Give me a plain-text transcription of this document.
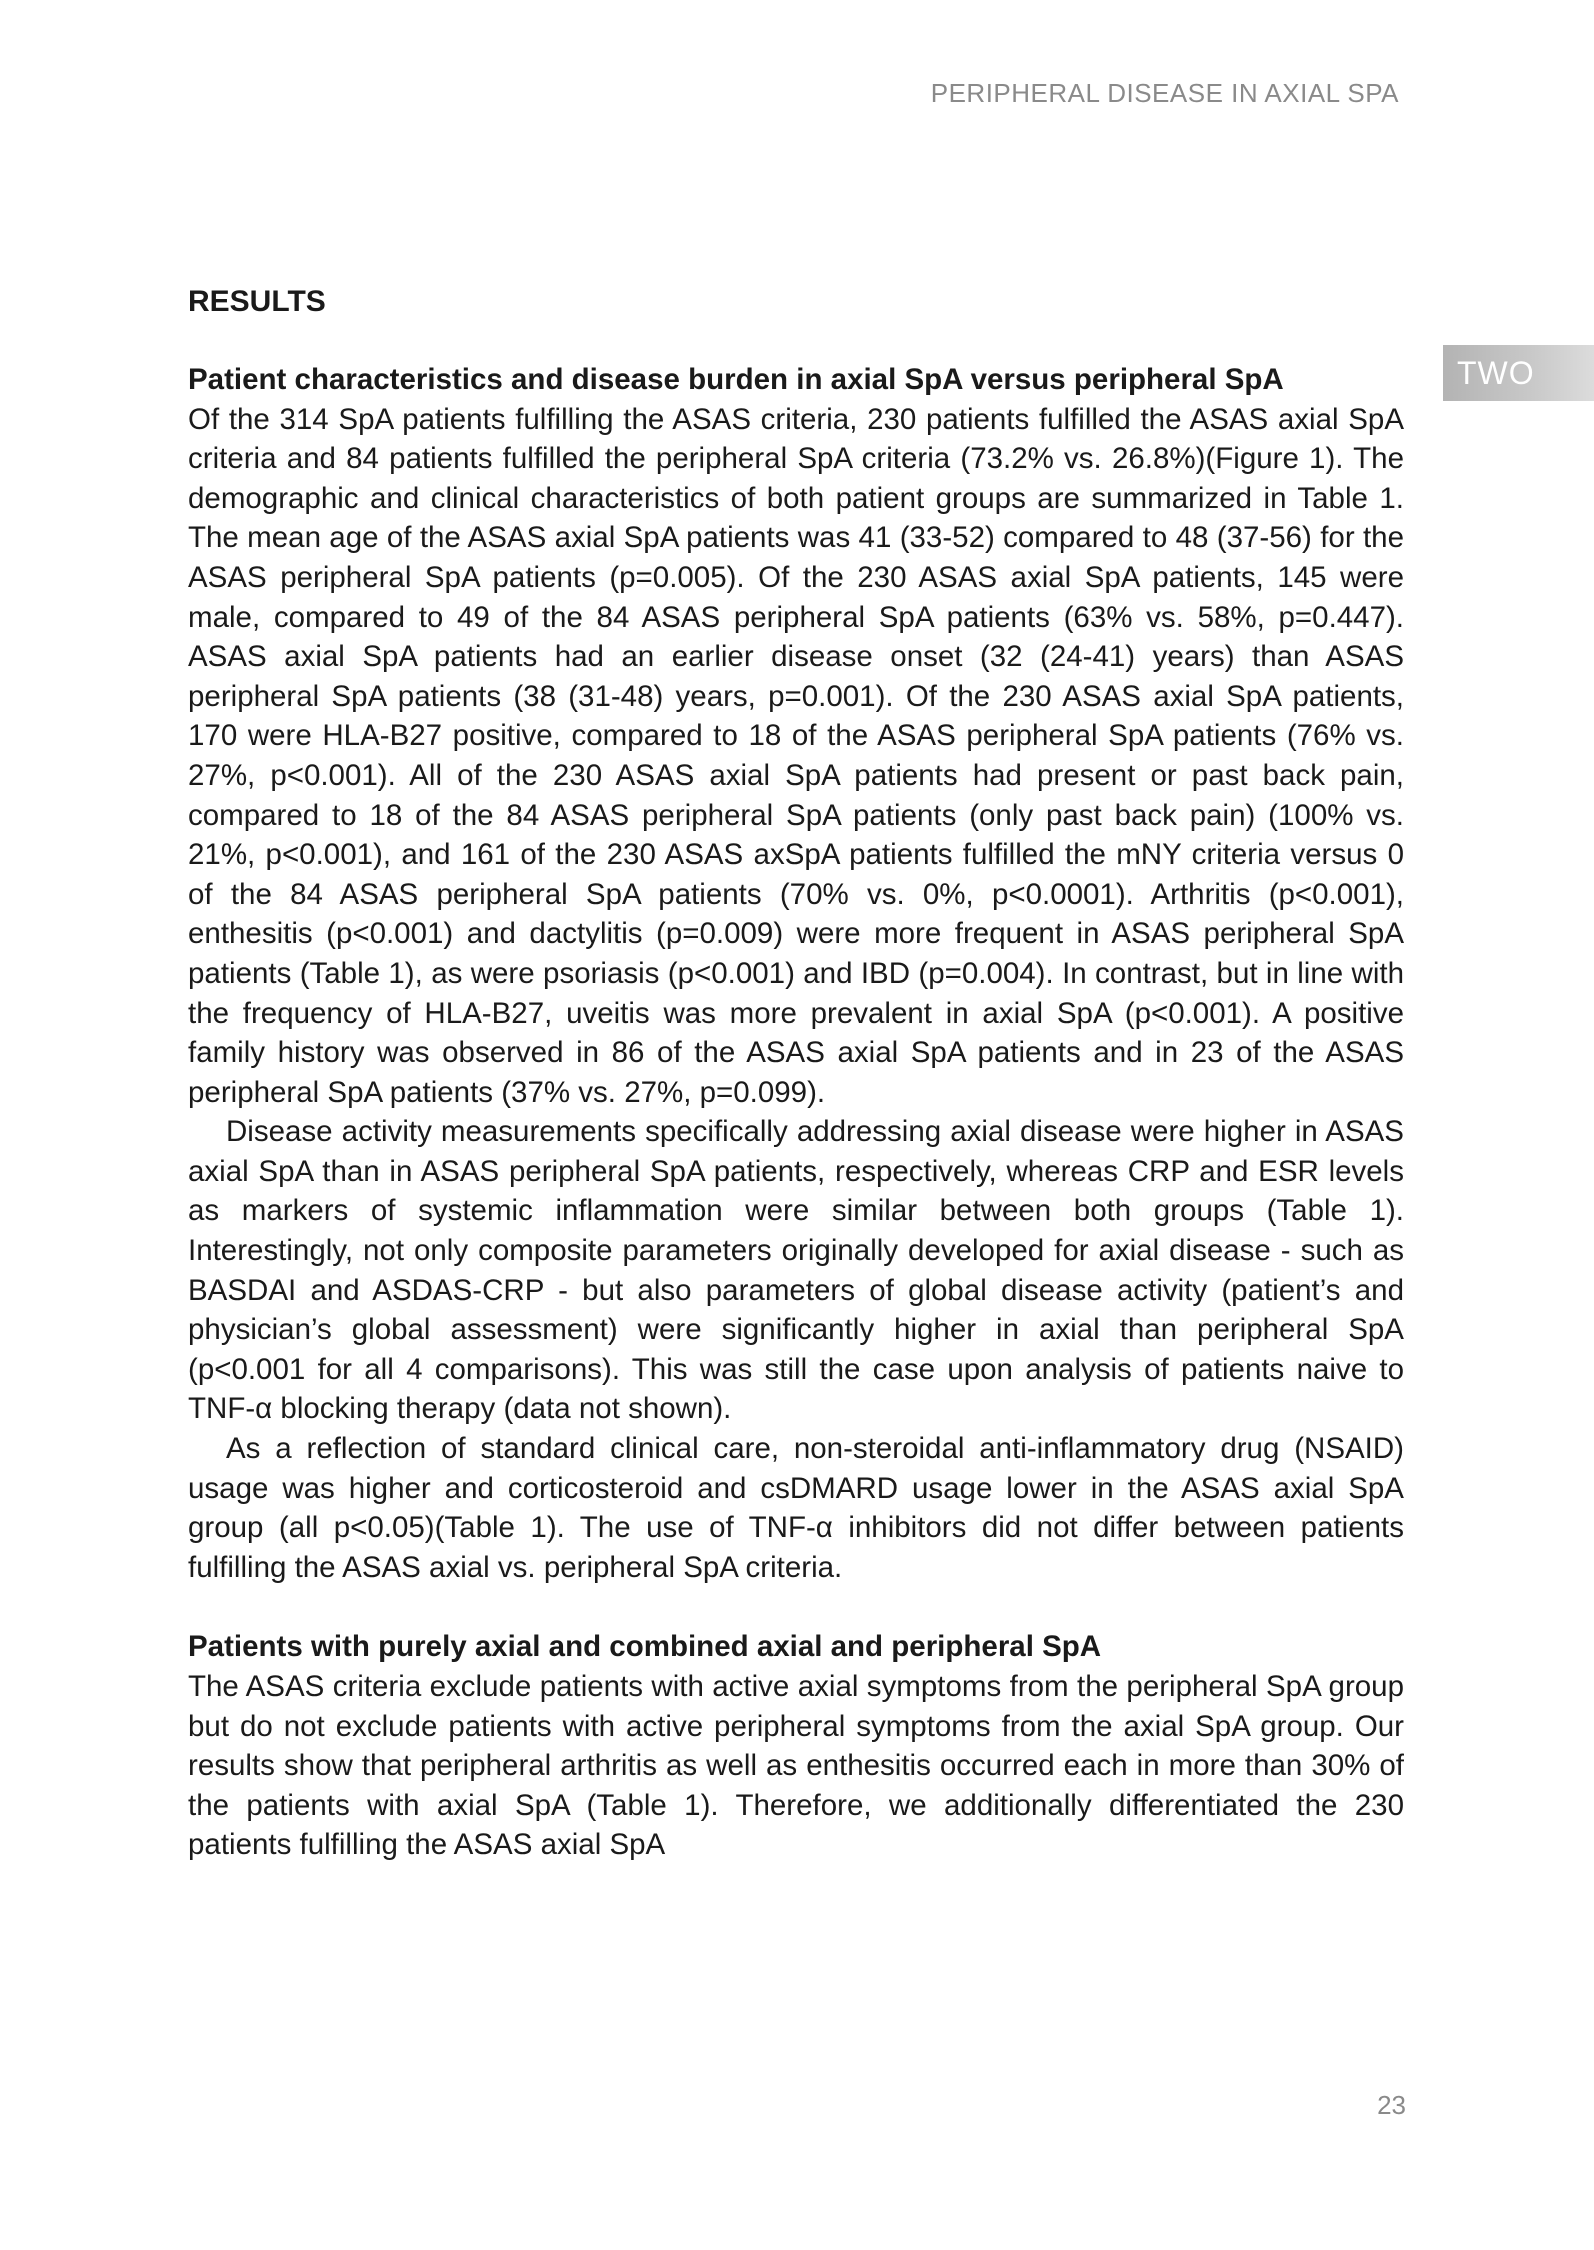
PERIPHERAL DISEASE IN AXIAL SPA
TWO
RESULTS
Patient characteristics and disease burden in axial SpA versus peripheral SpA

Of the 314 SpA patients fulfilling the ASAS criteria, 230 patients fulfilled the ASAS axial SpA criteria and 84 patients fulfilled the peripheral SpA criteria (73.2% vs. 26.8%)(Figure 1). The demographic and clinical characteristics of both patient groups are summarized in Table 1. The mean age of the ASAS axial SpA patients was 41 (33-52) compared to 48 (37-56) for the ASAS peripheral SpA patients (p=0.005). Of the 230 ASAS axial SpA patients, 145 were male, compared to 49 of the 84 ASAS peripheral SpA patients (63% vs. 58%, p=0.447). ASAS axial SpA patients had an earlier disease onset (32 (24-41) years) than ASAS peripheral SpA patients (38 (31-48) years, p=0.001). Of the 230 ASAS axial SpA patients, 170 were HLA-B27 positive, compared to 18 of the ASAS peripheral SpA patients (76% vs. 27%, p<0.001). All of the 230 ASAS axial SpA patients had present or past back pain, compared to 18 of the 84 ASAS peripheral SpA patients (only past back pain) (100% vs. 21%, p<0.001), and 161 of the 230 ASAS axSpA patients fulfilled the mNY criteria versus 0 of the 84 ASAS peripheral SpA patients (70% vs. 0%, p<0.0001). Arthritis (p<0.001), enthesitis (p<0.001) and dactylitis (p=0.009) were more frequent in ASAS peripheral SpA patients (Table 1), as were psoriasis (p<0.001) and IBD (p=0.004). In contrast, but in line with the frequency of HLA-B27, uveitis was more prevalent in axial SpA (p<0.001). A positive family history was observed in 86 of the ASAS axial SpA patients and in 23 of the ASAS peripheral SpA patients (37% vs. 27%, p=0.099).

Disease activity measurements specifically addressing axial disease were higher in ASAS axial SpA than in ASAS peripheral SpA patients, respectively, whereas CRP and ESR levels as markers of systemic inflammation were similar between both groups (Table 1). Interestingly, not only composite parameters originally developed for axial disease - such as BASDAI and ASDAS-CRP - but also parameters of global disease activity (patient’s and physician’s global assessment) were significantly higher in axial than peripheral SpA (p<0.001 for all 4 comparisons). This was still the case upon analysis of patients naive to TNF-α blocking therapy (data not shown).

As a reflection of standard clinical care, non-steroidal anti-inflammatory drug (NSAID) usage was higher and corticosteroid and csDMARD usage lower in the ASAS axial SpA group (all p<0.05)(Table 1). The use of TNF-α inhibitors did not differ between patients fulfilling the ASAS axial vs. peripheral SpA criteria.

Patients with purely axial and combined axial and peripheral SpA

The ASAS criteria exclude patients with active axial symptoms from the peripheral SpA group but do not exclude patients with active peripheral symptoms from the axial SpA group. Our results show that peripheral arthritis as well as enthesitis occurred each in more than 30% of the patients with axial SpA (Table 1). Therefore, we additionally differentiated the 230 patients fulfilling the ASAS axial SpA

23
